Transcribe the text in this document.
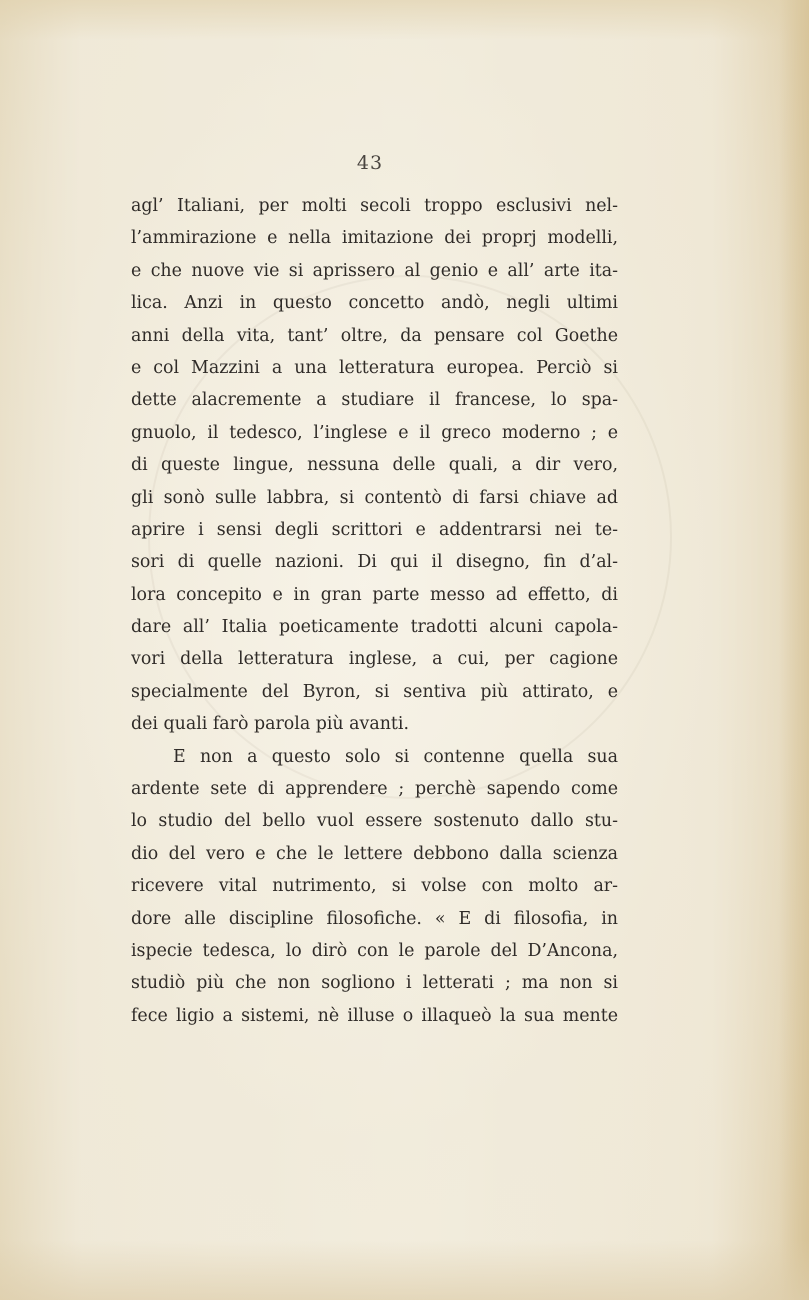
43
agl’ Italiani, per molti secoli troppo esclusivi nel-
l’ammirazione e nella imitazione dei proprj modelli,
e che nuove vie si aprissero al genio e all’ arte ita-
lica. Anzi in questo concetto andò, negli ultimi
anni della vita, tant’ oltre, da pensare col Goethe
e col Mazzini a una letteratura europea. Perciò si
dette alacremente a studiare il francese, lo spa-
gnuolo, il tedesco, l’inglese e il greco moderno ; e
di queste lingue, nessuna delle quali, a dir vero,
gli sonò sulle labbra, si contentò di farsi chiave ad
aprire i sensi degli scrittori e addentrarsi nei te-
sori di quelle nazioni. Di qui il disegno, fin d’al-
lora concepito e in gran parte messo ad effetto, di
dare all’ Italia poeticamente tradotti alcuni capola-
vori della letteratura inglese, a cui, per cagione
specialmente del Byron, si sentiva più attirato, e
dei quali farò parola più avanti.
E non a questo solo si contenne quella sua
ardente sete di apprendere ; perchè sapendo come
lo studio del bello vuol essere sostenuto dallo stu-
dio del vero e che le lettere debbono dalla scienza
ricevere vital nutrimento, si volse con molto ar-
dore alle discipline filosofiche. « E di filosofia, in
ispecie tedesca, lo dirò con le parole del D’Ancona,
studiò più che non sogliono i letterati ; ma non si
fece ligio a sistemi, nè illuse o illaqueò la sua mente
